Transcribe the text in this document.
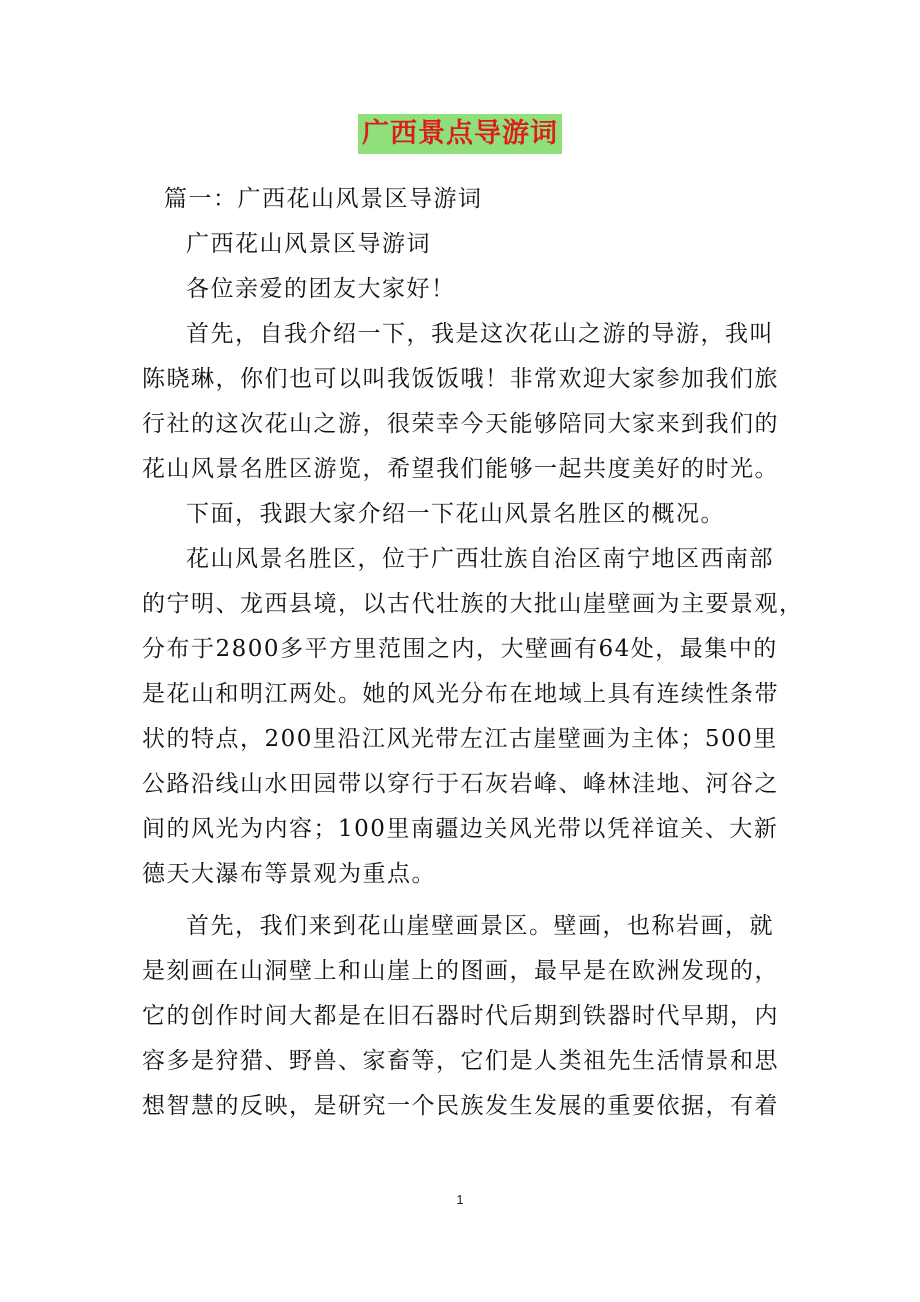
广西景点导游词
篇一：广西花山风景区导游词
广西花山风景区导游词
各位亲爱的团友大家好！
首先，自我介绍一下，我是这次花山之游的导游，我叫
陈晓琳，你们也可以叫我饭饭哦！非常欢迎大家参加我们旅
行社的这次花山之游，很荣幸今天能够陪同大家来到我们的
花山风景名胜区游览，希望我们能够一起共度美好的时光。
下面，我跟大家介绍一下花山风景名胜区的概况。
花山风景名胜区，位于广西壮族自治区南宁地区西南部
的宁明、龙西县境，以古代壮族的大批山崖壁画为主要景观，
分布于2800多平方里范围之内，大壁画有64处，最集中的
是花山和明江两处。她的风光分布在地域上具有连续性条带
状的特点，200里沿江风光带左江古崖壁画为主体；500里
公路沿线山水田园带以穿行于石灰岩峰、峰林洼地、河谷之
间的风光为内容；100里南疆边关风光带以凭祥谊关、大新
德天大瀑布等景观为重点。
首先，我们来到花山崖壁画景区。壁画，也称岩画，就
是刻画在山洞壁上和山崖上的图画，最早是在欧洲发现的，
它的创作时间大都是在旧石器时代后期到铁器时代早期，内
容多是狩猎、野兽、家畜等，它们是人类祖先生活情景和思
想智慧的反映，是研究一个民族发生发展的重要依据，有着
1
